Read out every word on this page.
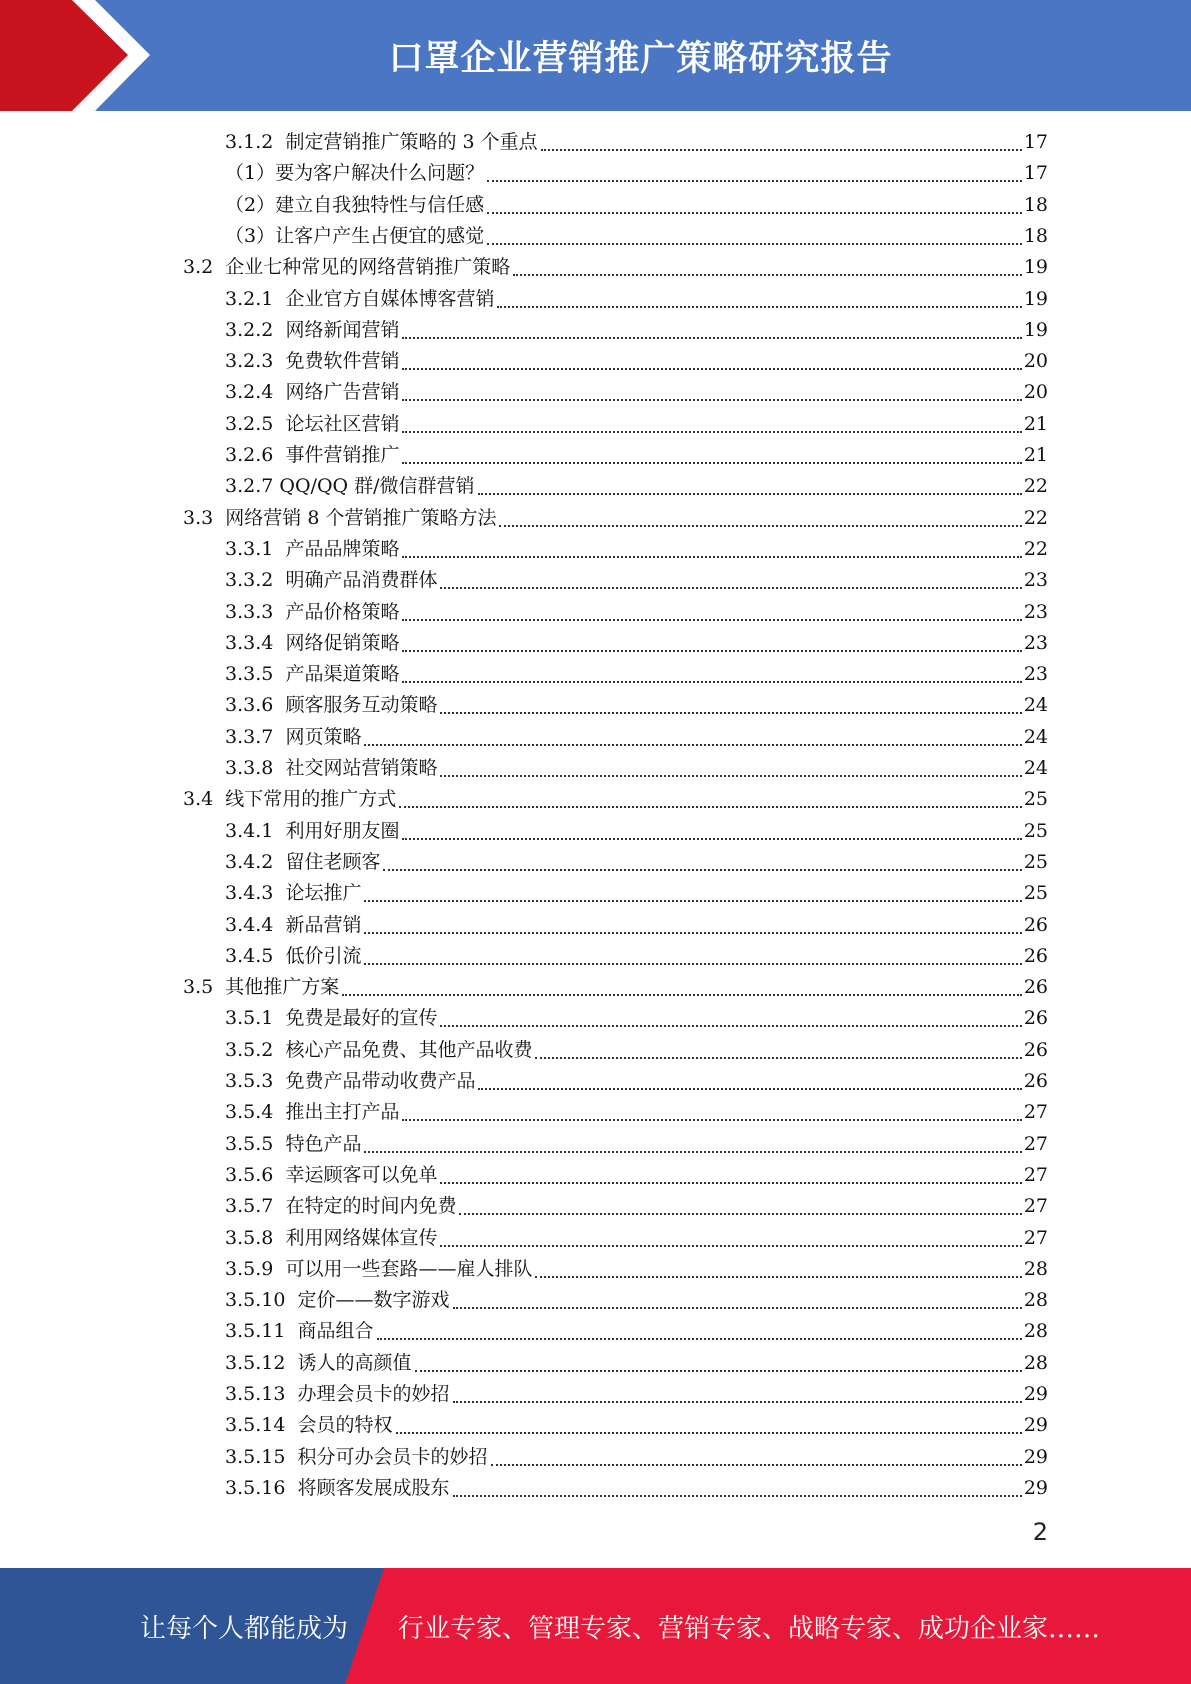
口罩企业营销推广策略研究报告
3.1.2 制定营销推广策略的 3 个重点	17
（1）要为客户解决什么问题？	17
（2）建立自我独特性与信任感	18
（3）让客户产生占便宜的感觉	18
3.2 企业七种常见的网络营销推广策略	19
3.2.1 企业官方自媒体博客营销	19
3.2.2 网络新闻营销	19
3.2.3 免费软件营销	20
3.2.4 网络广告营销	20
3.2.5 论坛社区营销	21
3.2.6 事件营销推广	21
3.2.7 QQ/QQ 群/微信群营销	22
3.3 网络营销 8 个营销推广策略方法	22
3.3.1 产品品牌策略	22
3.3.2 明确产品消费群体	23
3.3.3 产品价格策略	23
3.3.4 网络促销策略	23
3.3.5 产品渠道策略	23
3.3.6 顾客服务互动策略	24
3.3.7 网页策略	24
3.3.8 社交网站营销策略	24
3.4 线下常用的推广方式	25
3.4.1 利用好朋友圈	25
3.4.2 留住老顾客	25
3.4.3 论坛推广	25
3.4.4 新品营销	26
3.4.5 低价引流	26
3.5 其他推广方案	26
3.5.1 免费是最好的宣传	26
3.5.2 核心产品免费、其他产品收费	26
3.5.3 免费产品带动收费产品	26
3.5.4 推出主打产品	27
3.5.5 特色产品	27
3.5.6 幸运顾客可以免单	27
3.5.7 在特定的时间内免费	27
3.5.8 利用网络媒体宣传	27
3.5.9 可以用一些套路——雇人排队	28
3.5.10 定价——数字游戏	28
3.5.11 商品组合	28
3.5.12 诱人的高颜值	28
3.5.13 办理会员卡的妙招	29
3.5.14 会员的特权	29
3.5.15 积分可办会员卡的妙招	29
3.5.16 将顾客发展成股东	29
2
让每个人都能成为 行业专家、管理专家、营销专家、战略专家、成功企业家……
